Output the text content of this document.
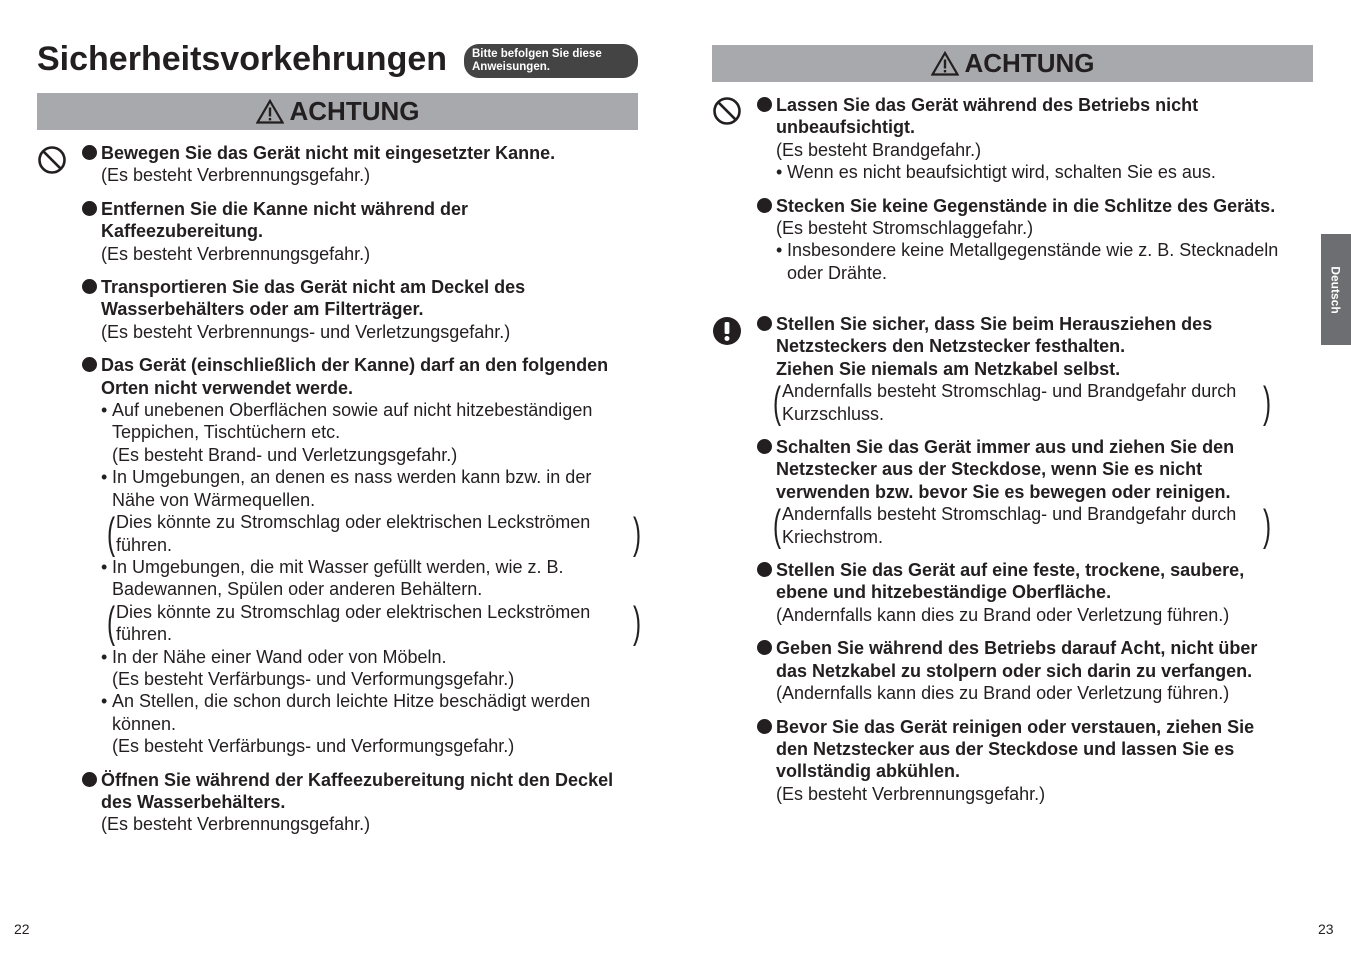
Sicherheitsvorkehrungen Bitte befolgen Sie diese
Anweisungen.
ACHTUNG
Bewegen Sie das Gerät nicht mit eingesetzter Kanne.
(Es besteht Verbrennungsgefahr.)
Entfernen Sie die Kanne nicht während der
Kaffeezubereitung.
(Es besteht Verbrennungsgefahr.)
Transportieren Sie das Gerät nicht am Deckel des
Wasserbehälters oder am Filterträger.
(Es besteht Verbrennungs- und Verletzungsgefahr.)
Das Gerät (einschließlich der Kanne) darf an den folgenden
Orten nicht verwendet werde.
• Auf unebenen Oberflächen sowie auf nicht hitzebeständigen
Teppichen, Tischtüchern etc.
(Es besteht Brand- und Verletzungsgefahr.)
• In Umgebungen, an denen es nass werden kann bzw. in der
Nähe von Wärmequellen.
( Dies könnte zu Stromschlag oder elektrischen Leckströmen
führen.	)
• In Umgebungen, die mit Wasser gefüllt werden, wie z. B.
Badewannen, Spülen oder anderen Behältern.
( Dies könnte zu Stromschlag oder elektrischen Leckströmen
führen.	)
• In der Nähe einer Wand oder von Möbeln.
(Es besteht Verfärbungs- und Verformungsgefahr.)
• An Stellen, die schon durch leichte Hitze beschädigt werden
können.
(Es besteht Verfärbungs- und Verformungsgefahr.)
Öffnen Sie während der Kaffeezubereitung nicht den Deckel
des Wasserbehälters.
(Es besteht Verbrennungsgefahr.)
22
ACHTUNG
Lassen Sie das Gerät während des Betriebs nicht
unbeaufsichtigt.
(Es besteht Brandgefahr.)
• Wenn es nicht beaufsichtigt wird, schalten Sie es aus.
Stecken Sie keine Gegenstände in die Schlitze des Geräts.
(Es besteht Stromschlaggefahr.)
• Insbesondere keine Metallgegenstände wie z. B. Stecknadeln
oder Drähte.
Stellen Sie sicher, dass Sie beim Herausziehen des
Netzsteckers den Netzstecker festhalten.
Ziehen Sie niemals am Netzkabel selbst.
( Andernfalls besteht Stromschlag- und Brandgefahr durch
Kurzschluss.	)
Schalten Sie das Gerät immer aus und ziehen Sie den
Netzstecker aus der Steckdose, wenn Sie es nicht
verwenden bzw. bevor Sie es bewegen oder reinigen.
( Andernfalls besteht Stromschlag- und Brandgefahr durch
Kriechstrom.	)
Stellen Sie das Gerät auf eine feste, trockene, saubere,
ebene und hitzebeständige Oberfläche.
(Andernfalls kann dies zu Brand oder Verletzung führen.)
Geben Sie während des Betriebs darauf Acht, nicht über
das Netzkabel zu stolpern oder sich darin zu verfangen.
(Andernfalls kann dies zu Brand oder Verletzung führen.)
Bevor Sie das Gerät reinigen oder verstauen, ziehen Sie
den Netzstecker aus der Steckdose und lassen Sie es
vollständig abkühlen.
(Es besteht Verbrennungsgefahr.)
23
Deutsch
